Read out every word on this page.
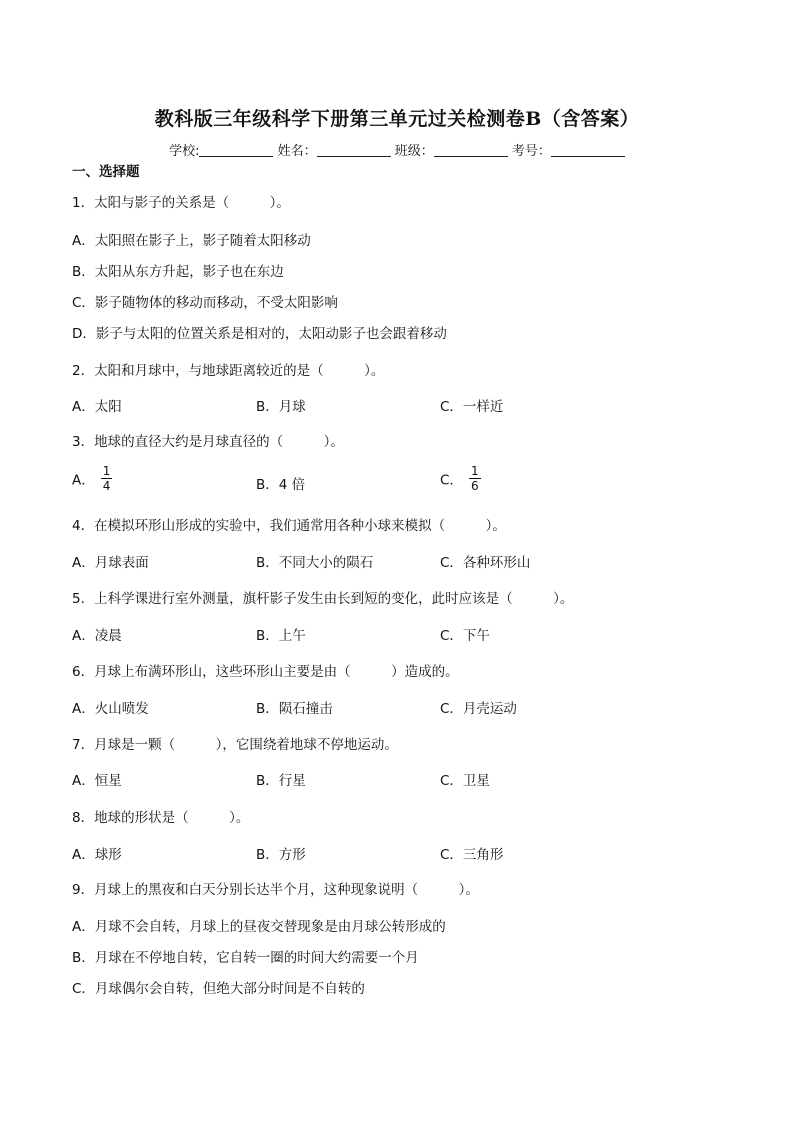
教科版三年级科学下册第三单元过关检测卷B（含答案）
学校:	姓名：	班级：	考号：
一、选择题
1．太阳与影子的关系是（　　　）。
A．太阳照在影子上，影子随着太阳移动
B．太阳从东方升起，影子也在东边
C．影子随物体的移动而移动，不受太阳影响
D．影子与太阳的位置关系是相对的，太阳动影子也会跟着移动
2．太阳和月球中，与地球距离较近的是（　　　）。
A．太阳	B．月球	C．一样近
3．地球的直径大约是月球直径的（　　　）。
A． $\frac{1}{4}$	B．4 倍	C． $\frac{1}{6}$
4．在模拟环形山形成的实验中，我们通常用各种小球来模拟（　　　）。
A．月球表面	B．不同大小的陨石	C．各种环形山
5．上科学课进行室外测量，旗杆影子发生由长到短的变化，此时应该是（　　　）。
A．凌晨	B．上午	C．下午
6．月球上布满环形山，这些环形山主要是由（　　　）造成的。
A．火山喷发	B．陨石撞击	C．月壳运动
7．月球是一颗（　　　），它围绕着地球不停地运动。
A．恒星	B．行星	C．卫星
8．地球的形状是（　　　）。
A．球形	B．方形	C．三角形
9．月球上的黑夜和白天分别长达半个月，这种现象说明（　　　）。
A．月球不会自转，月球上的昼夜交替现象是由月球公转形成的
B．月球在不停地自转，它自转一圈的时间大约需要一个月
C．月球偶尔会自转，但绝大部分时间是不自转的
